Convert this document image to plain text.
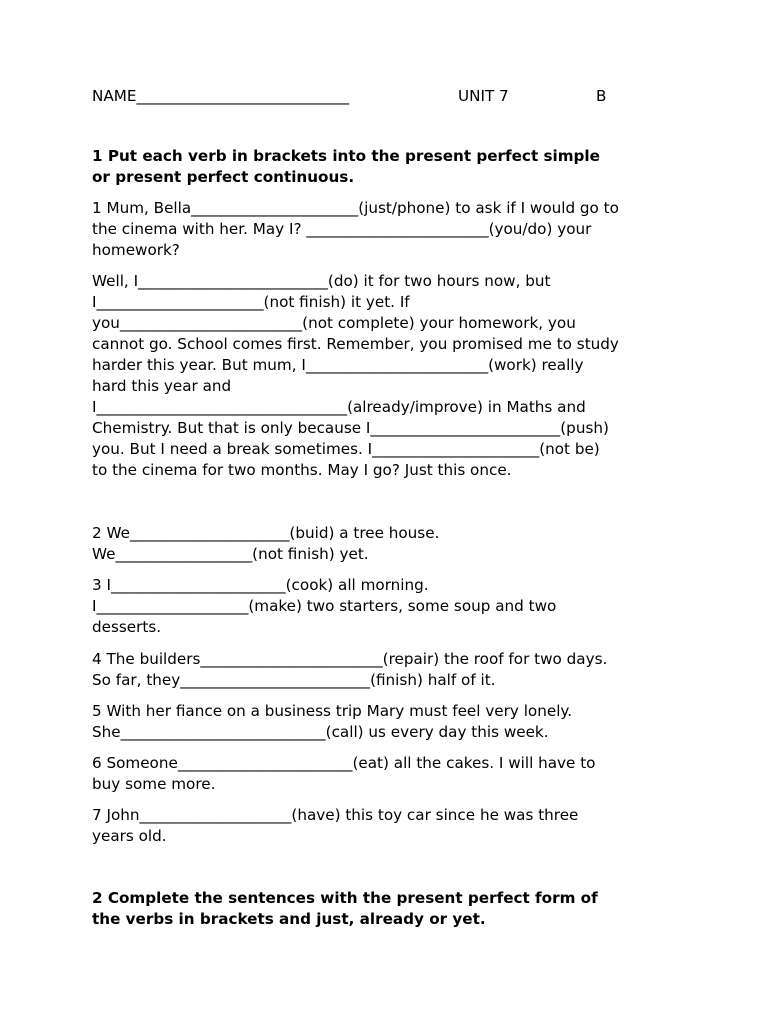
NAME____________________________	UNIT 7	B

1 Put each verb in brackets into the present perfect simple

or present perfect continuous.

1 Mum, Bella______________________(just/phone) to ask if I would go to

the cinema with her. May I? ________________________(you/do) your

homework?

Well, I_________________________(do) it for two hours now, but

I______________________(not finish) it yet. If

you________________________(not complete) your homework, you

cannot go. School comes first. Remember, you promised me to study

harder this year. But mum, I________________________(work) really

hard this year and

I_________________________________(already/improve) in Maths and

Chemistry. But that is only because I_________________________(push)

you. But I need a break sometimes. I______________________(not be)

to the cinema for two months. May I go? Just this once.

2 We_____________________(buid) a tree house.

We__________________(not finish) yet.

3 I_______________________(cook) all morning.

I____________________(make) two starters, some soup and two

desserts.

4 The builders________________________(repair) the roof for two days.

So far, they_________________________(finish) half of it.

5 With her fiance on a business trip Mary must feel very lonely.

She___________________________(call) us every day this week.

6 Someone_______________________(eat) all the cakes. I will have to

buy some more.

7 John____________________(have) this toy car since he was three

years old.

2 Complete the sentences with the present perfect form of

the verbs in brackets and just, already or yet.
